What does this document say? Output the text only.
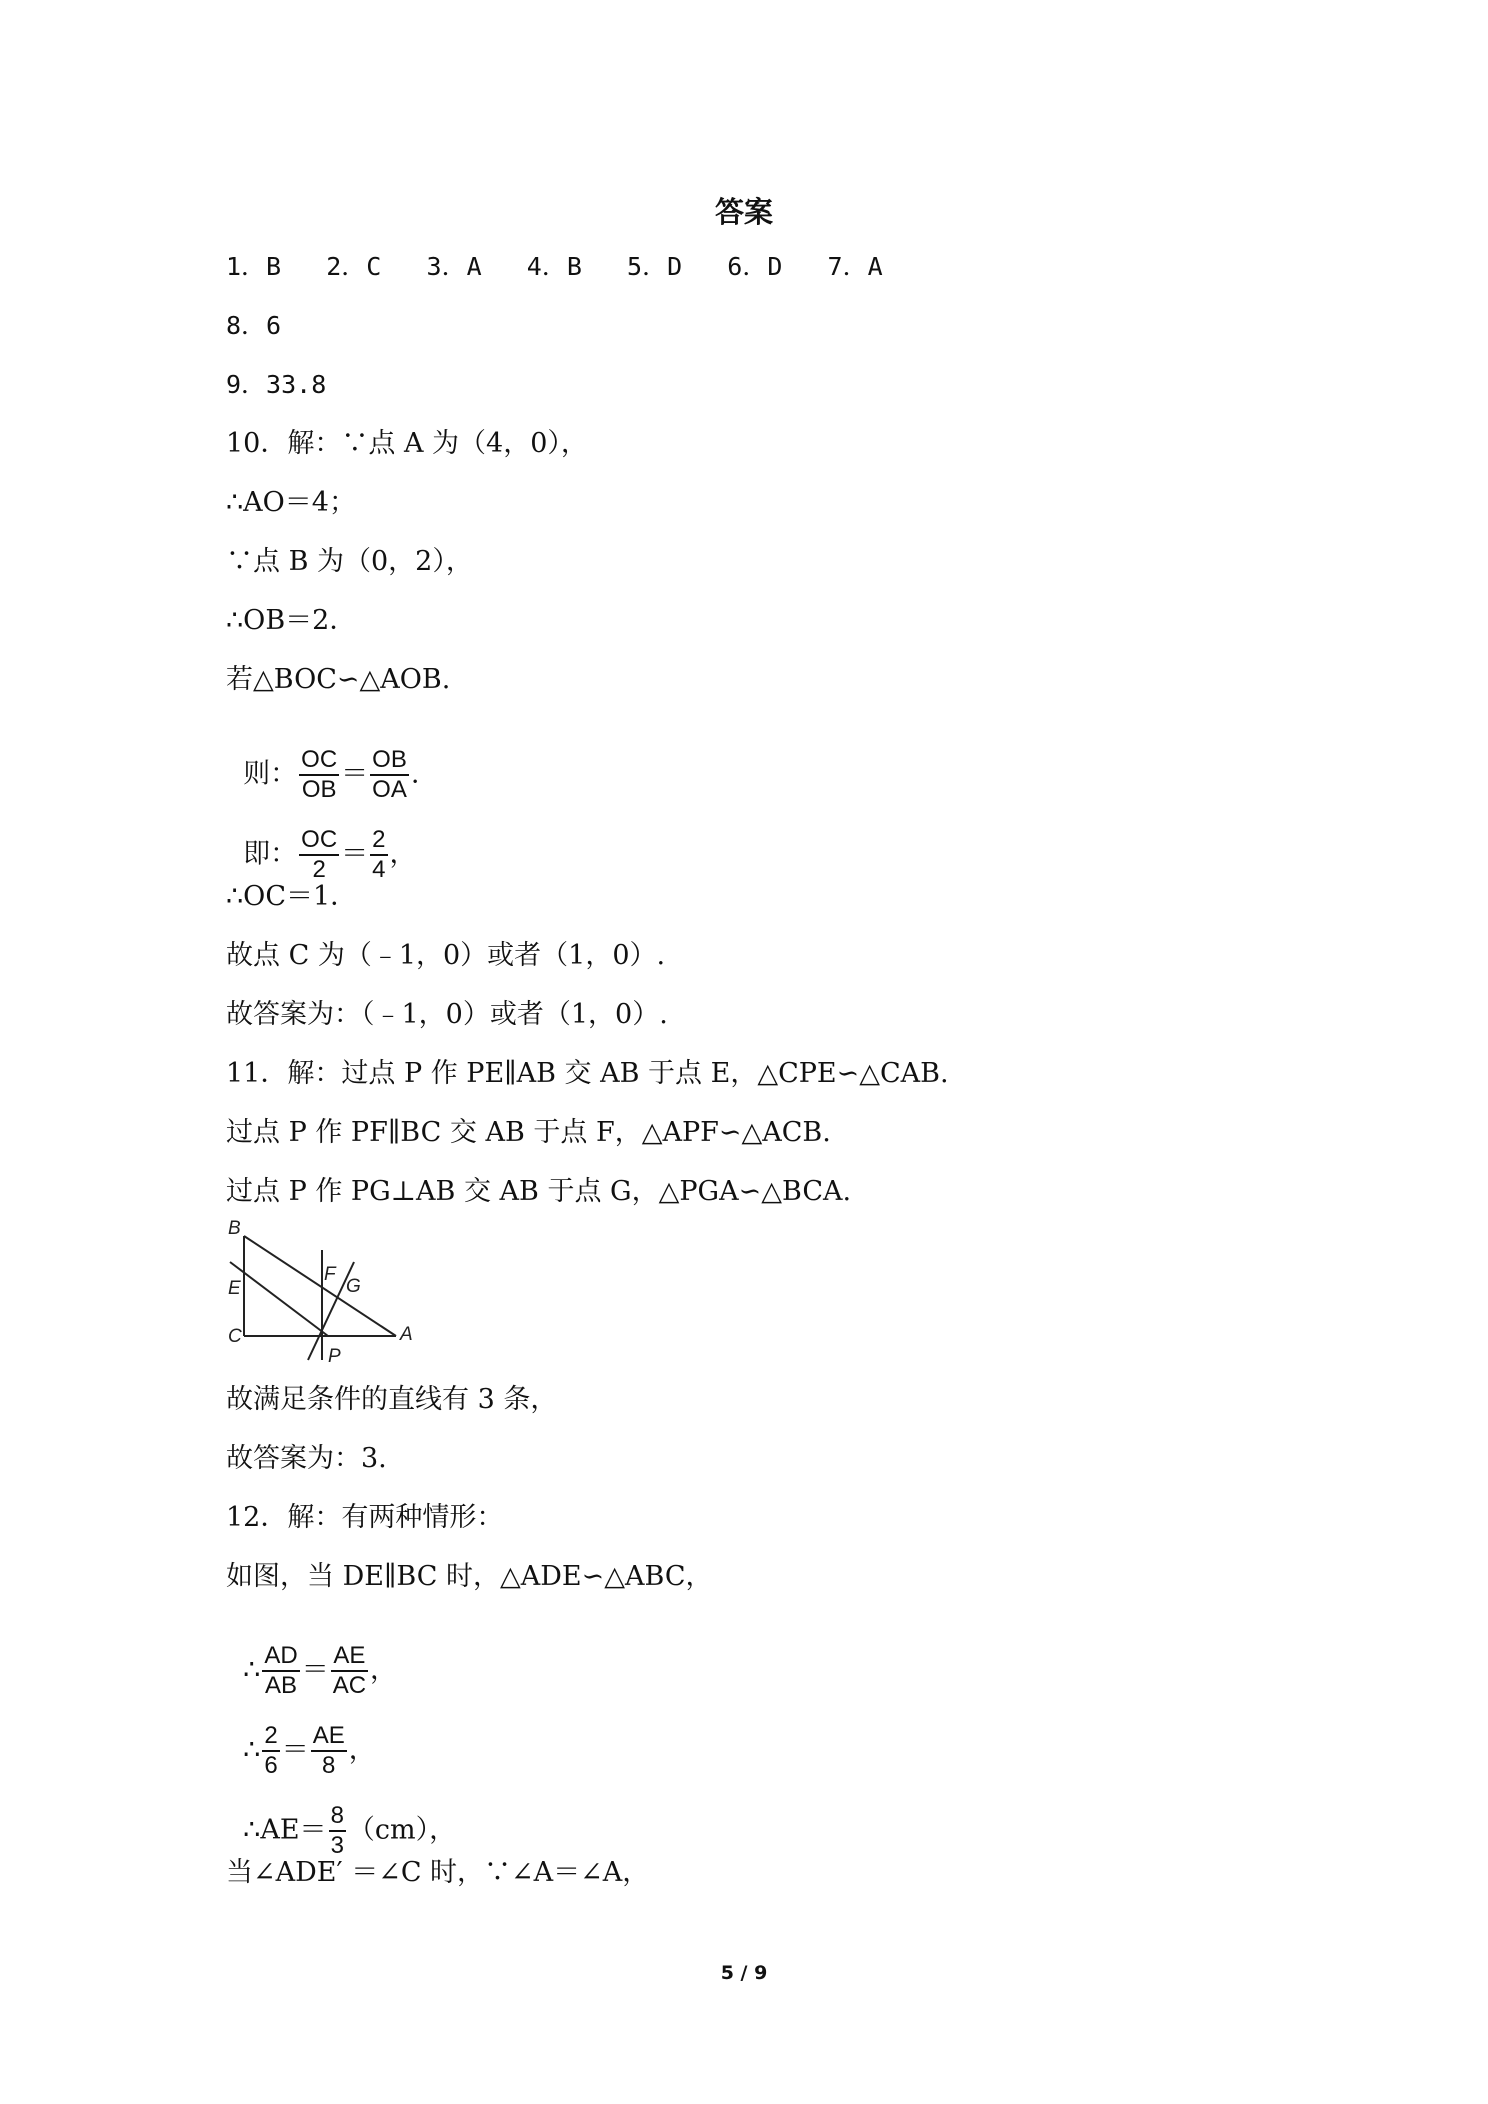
答案
1．B   2．C   3．A   4．B   5．D   6．D   7．A
8．6
9．33.8
10．解：∵点 A 为（4，0），
∴AO＝4；
∵点 B 为（0，2），
∴OB＝2．
若△BOC∽△AOB.

则： $\frac{OC}{OB} = \frac{OB}{OA}$ .

即： $\frac{OC}{2} = \frac{2}{4}$ ，

∴OC＝1．
故点 C 为（﹣1，0）或者（1，0）.
故答案为：（﹣1，0）或者（1，0）.
11．解：过点 P 作 PE∥AB 交 AB 于点 E，△CPE∽△CAB.
过点 P 作 PF∥BC 交 AB 于点 F，△APF∽△ACB.
过点 P 作 PG⊥AB 交 AB 于点 G，△PGA∽△BCA.
B
E
C
F
G
A
P
故满足条件的直线有 3 条，
故答案为：3.
12．解：有两种情形：
如图，当 DE∥BC 时，△ADE∽△ABC，

∴ $\frac{AD}{AB} = \frac{AE}{AC}$ ，

∴ $\frac{2}{6} = \frac{AE}{8}$ ，

∴AE＝ $\frac{8}{3} (cm)$，

当∠ADE′ ＝∠C 时，∵∠A＝∠A，
5 / 9
